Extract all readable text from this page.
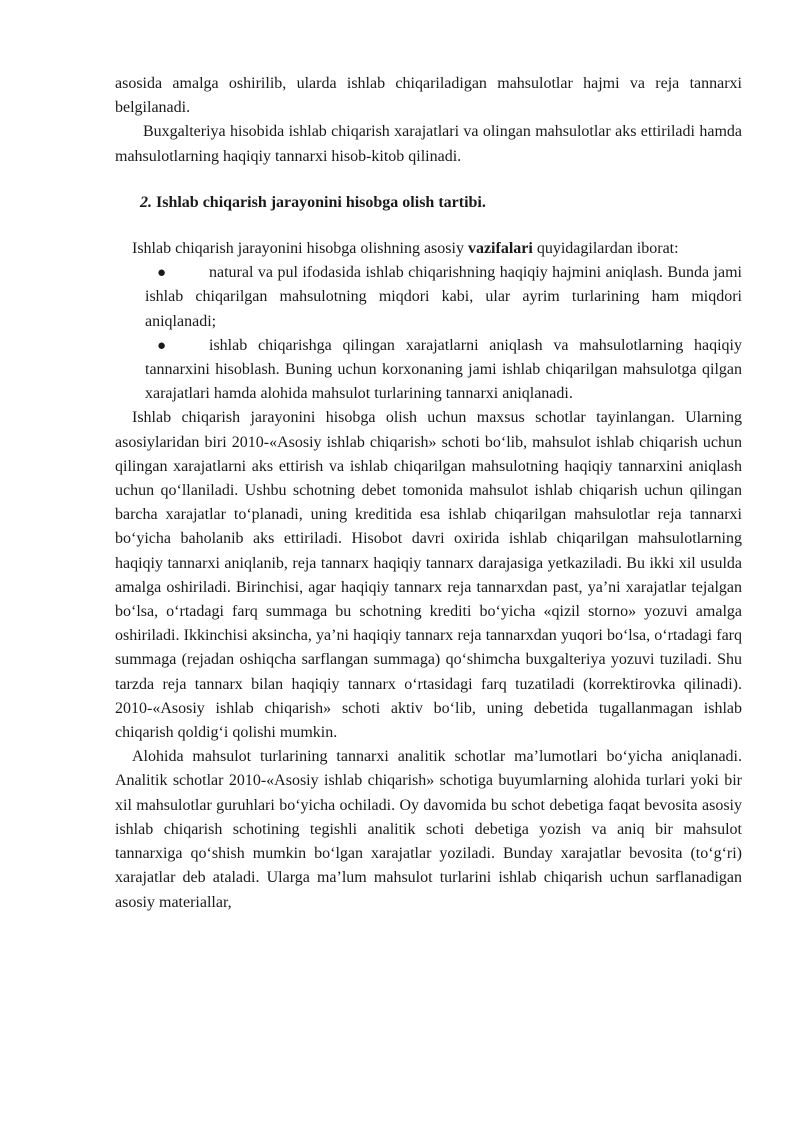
asosida amalga oshirilib, ularda ishlab chiqariladigan mahsulotlar hajmi va reja tannarxi belgilanadi.

Buxgalteriya hisobida ishlab chiqarish xarajatlari va olingan mahsulotlar aks ettiriladi hamda mahsulotlarning haqiqiy tannarxi hisob-kitob qilinadi.

2. Ishlab chiqarish jarayonini hisobga olish tartibi.

Ishlab chiqarish jarayonini hisobga olishning asosiy vazifalari quyidagilardan iborat:

●	natural va pul ifodasida ishlab chiqarishning haqiqiy hajmini aniqlash. Bunda jami ishlab chiqarilgan mahsulotning miqdori kabi, ular ayrim turlarining ham miqdori aniqlanadi;
●	ishlab chiqarishga qilingan xarajatlarni aniqlash va mahsulotlarning haqiqiy tannarxini hisoblash. Buning uchun korxonaning jami ishlab chiqarilgan mahsulotga qilgan xarajatlari hamda alohida mahsulot turlarining tannarxi aniqlanadi.

Ishlab chiqarish jarayonini hisobga olish uchun maxsus schotlar tayinlangan. Ularning asosiylaridan biri 2010-«Asosiy ishlab chiqarish» schoti bo‘lib, mahsulot ishlab chiqarish uchun qilingan xarajatlarni aks ettirish va ishlab chiqarilgan mahsulotning haqiqiy tannarxini aniqlash uchun qo‘llaniladi. Ushbu schotning debet tomonida mahsulot ishlab chiqarish uchun qilingan barcha xarajatlar to‘planadi, uning kreditida esa ishlab chiqarilgan mahsulotlar reja tannarxi bo‘yicha baholanib aks ettiriladi. Hisobot davri oxirida ishlab chiqarilgan mahsulotlarning haqiqiy tannarxi aniqlanib, reja tannarx haqiqiy tannarx darajasiga yetkaziladi. Bu ikki xil usulda amalga oshiriladi. Birinchisi, agar haqiqiy tannarx reja tannarxdan past, ya’ni xarajatlar tejalgan bo‘lsa, o‘rtadagi farq summaga bu schotning krediti bo‘yicha «qizil storno» yozuvi amalga oshiriladi. Ikkinchisi aksincha, ya’ni haqiqiy tannarx reja tannarxdan yuqori bo‘lsa, o‘rtadagi farq summaga (rejadan oshiqcha sarflangan summaga) qo‘shimcha buxgalteriya yozuvi tuziladi. Shu tarzda reja tannarx bilan haqiqiy tannarx o‘rtasidagi farq tuzatiladi (korrektirovka qilinadi). 2010-«Asosiy ishlab chiqarish» schoti aktiv bo‘lib, uning debetida tugallanmagan ishlab chiqarish qoldig‘i qolishi mumkin.

Alohida mahsulot turlarining tannarxi analitik schotlar ma’lumotlari bo‘yicha aniqlanadi. Analitik schotlar 2010-«Asosiy ishlab chiqarish» schotiga buyumlarning alohida turlari yoki bir xil mahsulotlar guruhlari bo‘yicha ochiladi. Oy davomida bu schot debetiga faqat bevosita asosiy ishlab chiqarish schotining tegishli analitik schoti debetiga yozish va aniq bir mahsulot tannarxiga qo‘shish mumkin bo‘lgan xarajatlar yoziladi. Bunday xarajatlar bevosita (to‘g‘ri) xarajatlar deb ataladi. Ularga ma’lum mahsulot turlarini ishlab chiqarish uchun sarflanadigan asosiy materiallar,
